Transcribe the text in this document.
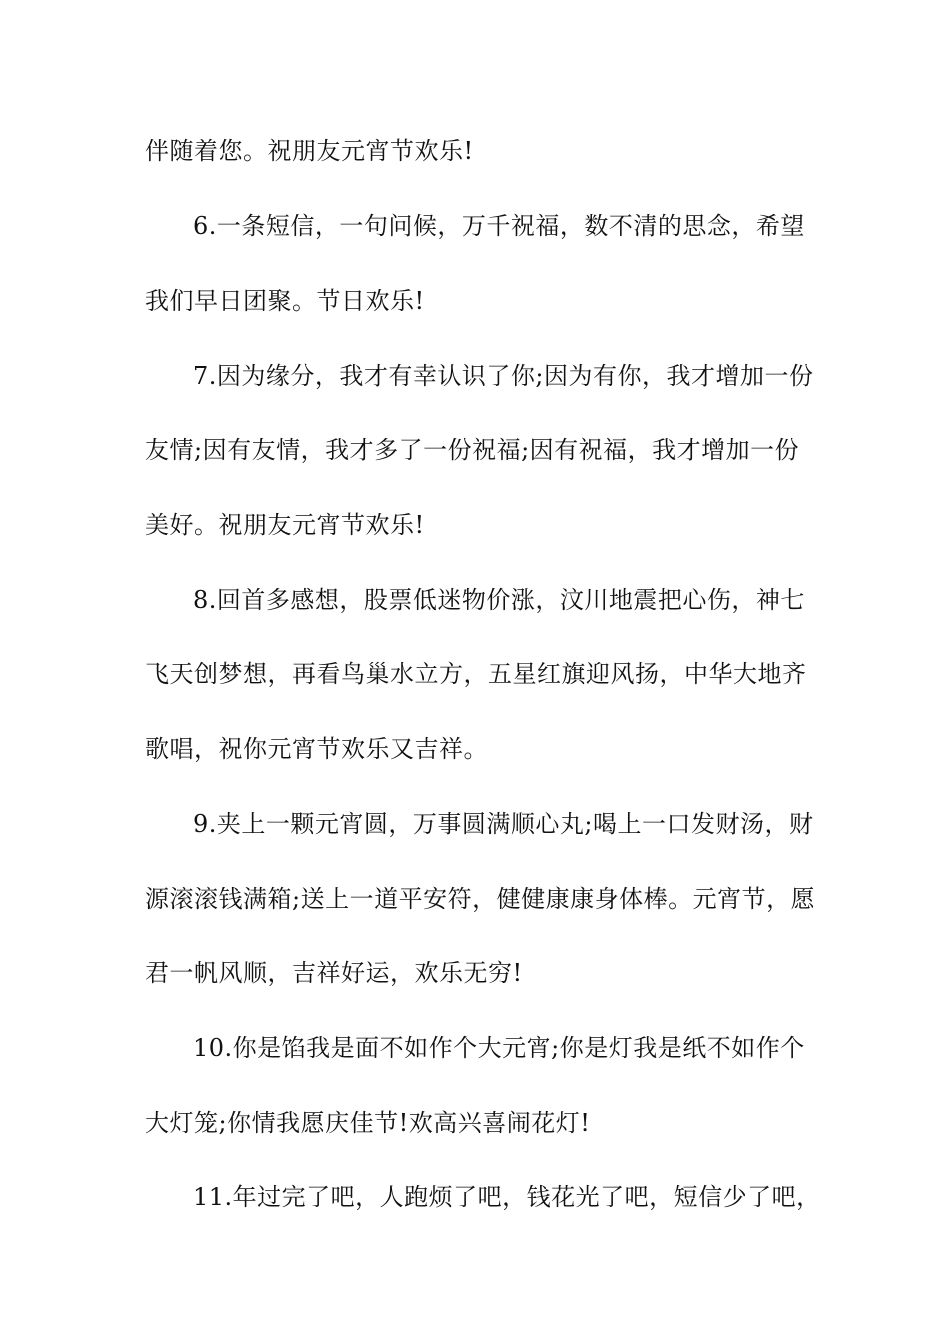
伴随着您。祝朋友元宵节欢乐!
6.一条短信，一句问候，万千祝福，数不清的思念，希望
我们早日团聚。节日欢乐!
7.因为缘分，我才有幸认识了你;因为有你，我才增加一份
友情;因有友情，我才多了一份祝福;因有祝福，我才增加一份
美好。祝朋友元宵节欢乐!
8.回首多感想，股票低迷物价涨，汶川地震把心伤，神七
飞天创梦想，再看鸟巢水立方，五星红旗迎风扬，中华大地齐
歌唱，祝你元宵节欢乐又吉祥。
9.夹上一颗元宵圆，万事圆满顺心丸;喝上一口发财汤，财
源滚滚钱满箱;送上一道平安符，健健康康身体棒。元宵节，愿
君一帆风顺，吉祥好运，欢乐无穷!
10.你是馅我是面不如作个大元宵;你是灯我是纸不如作个
大灯笼;你情我愿庆佳节!欢高兴喜闹花灯!
11.年过完了吧，人跑烦了吧，钱花光了吧，短信少了吧，
